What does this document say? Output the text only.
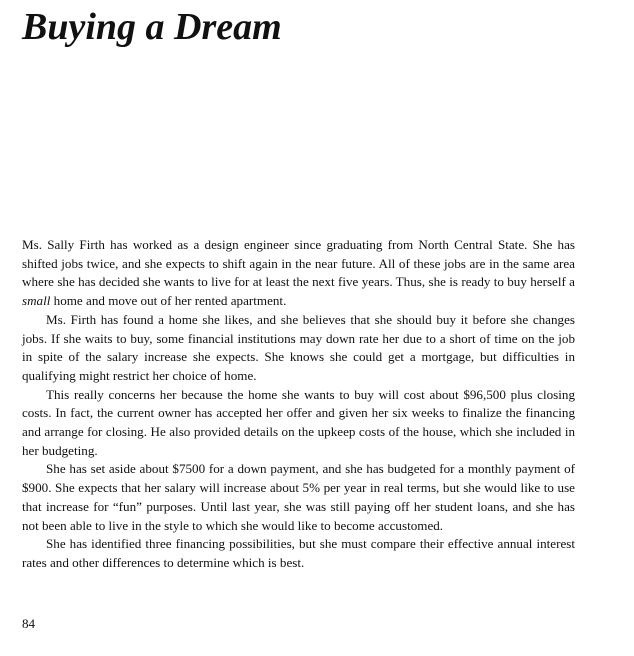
Buying a Dream

Ms. Sally Firth has worked as a design engineer since graduating from North Central State. She has shifted jobs twice, and she expects to shift again in the near future. All of these jobs are in the same area where she has decided she wants to live for at least the next five years. Thus, she is ready to buy herself a small home and move out of her rented apartment.

Ms. Firth has found a home she likes, and she believes that she should buy it before she changes jobs. If she waits to buy, some financial institutions may down rate her due to a short of time on the job in spite of the salary increase she expects. She knows she could get a mortgage, but difficulties in qualifying might restrict her choice of home.

This really concerns her because the home she wants to buy will cost about $96,500 plus closing costs. In fact, the current owner has accepted her offer and given her six weeks to finalize the financing and arrange for closing. He also provided details on the upkeep costs of the house, which she included in her budgeting.

She has set aside about $7500 for a down payment, and she has budgeted for a monthly payment of $900. She expects that her salary will increase about 5% per year in real terms, but she would like to use that increase for “fun” purposes. Until last year, she was still paying off her student loans, and she has not been able to live in the style to which she would like to become accustomed.

She has identified three financing possibilities, but she must compare their effective annual interest rates and other differences to determine which is best.

84
